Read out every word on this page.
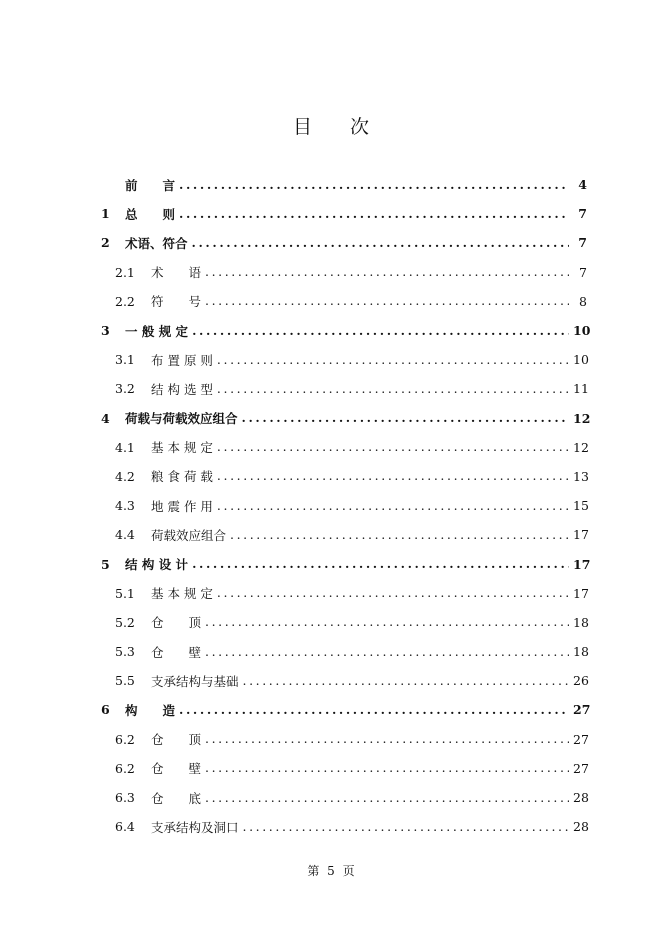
目　　次
前　　言 .....	4
1	总　　则 .....	7
2	术语、符合 .....	7
2.1	术　　语 .....	7
2.2	符　　号 .....	8
3	一 般 规 定 .....	10
3.1	布 置 原 则 .....	10
3.2	结 构 选 型 .....	11
4	荷载与荷载效应组合 .....	12
4.1	基 本 规 定 .....	12
4.2	粮 食 荷 载 .....	13
4.3	地 震 作 用 .....	15
4.4	荷载效应组合 .....	17
5	结 构 设 计 .....	17
5.1	基 本 规 定 .....	17
5.2	仓　　顶 .....	18
5.3	仓　　壁 .....	18
5.5	支承结构与基础 .....	26
6	构　　造 .....	27
6.2	仓　　顶 .....	27
6.2	仓　　壁 .....	27
6.3	仓　　底 .....	28
6.4	支承结构及洞口 .....	28
第 5 页
